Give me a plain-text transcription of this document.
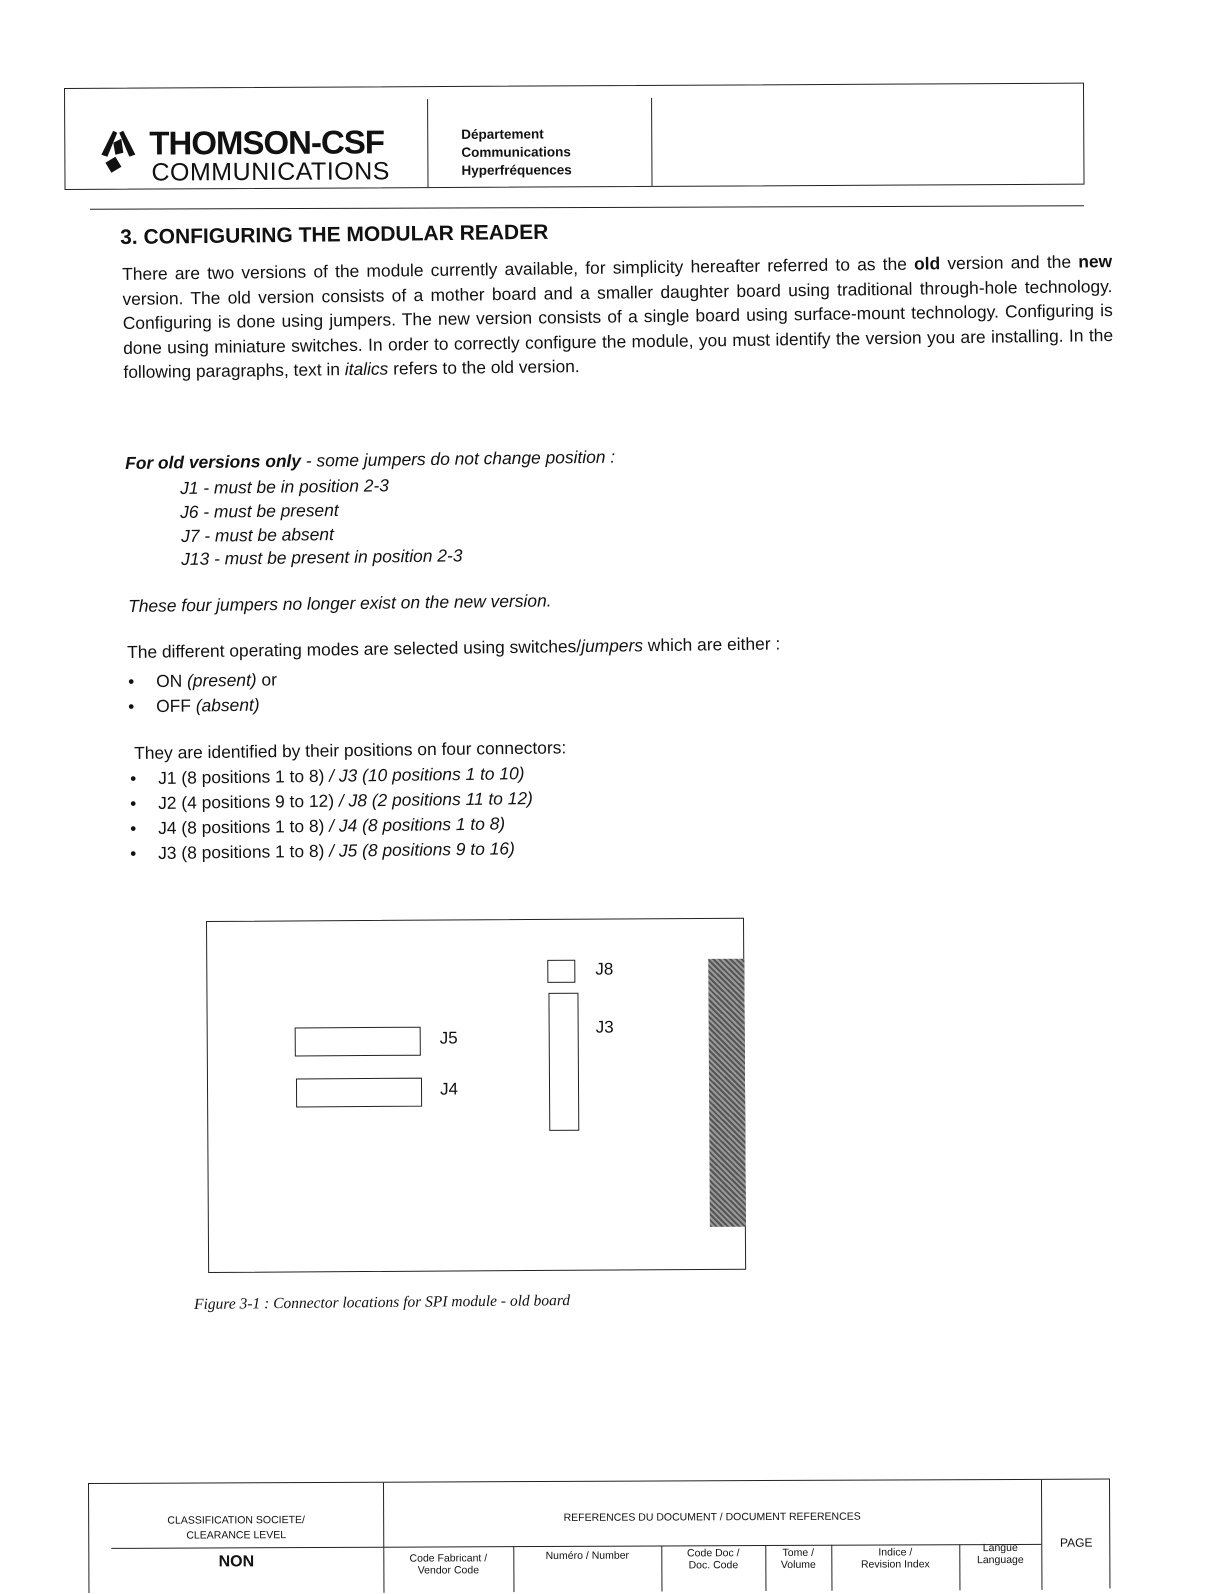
THOMSON-CSF
COMMUNICATIONS
Département
Communications
Hyperfréquences
3. CONFIGURING THE MODULAR READER
There are two versions of the module currently available, for simplicity hereafter referred to as the old version and the new version. The old version consists of a mother board and a smaller daughter board using traditional through-hole technology. Configuring is done using jumpers. The new version consists of a single board using surface-mount technology. Configuring is done using miniature switches. In order to correctly configure the module, you must identify the version you are installing. In the following paragraphs, text in italics refers to the old version.
For old versions only - some jumpers do not change position :
J1 - must be in position 2-3
J6 - must be present
J7 - must be absent
J13 - must be present in position 2-3
These four jumpers no longer exist on the new version.
The different operating modes are selected using switches/jumpers which are either :
• ON (present) or
• OFF (absent)
They are identified by their positions on four connectors:
• J1 (8 positions 1 to 8) / J3 (10 positions 1 to 10)
• J2 (4 positions 9 to 12) / J8 (2 positions 11 to 12)
• J4 (8 positions 1 to 8) / J4 (8 positions 1 to 8)
• J3 (8 positions 1 to 8) / J5 (8 positions 9 to 16)
J8
J3
J5
J4
Figure 3-1 : Connector locations for SPI module - old board
CLASSIFICATION SOCIETE/
CLEARANCE LEVEL
NON
REFERENCES DU DOCUMENT / DOCUMENT REFERENCES
Code Fabricant /
Vendor Code
Numéro / Number	Code Doc /
Doc. Code
Tome /
Volume
Indice /
Revision Index
Langue
Language
PAGE
